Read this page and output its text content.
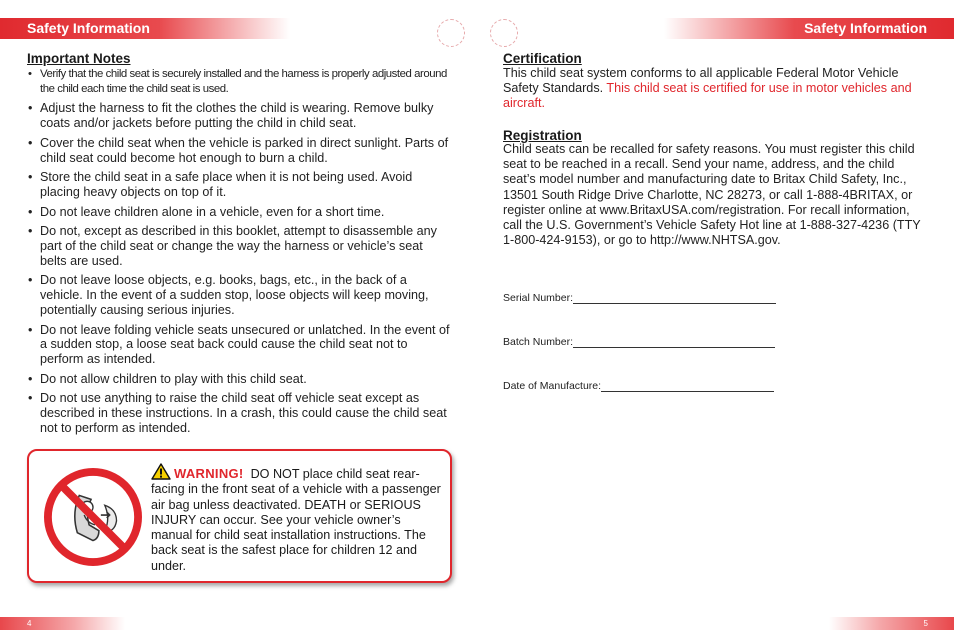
Safety Information	Safety Information
Important Notes
• Verify that the child seat is securely installed and the harness is properly adjusted around the child each time the child seat is used.
• Adjust the harness to fit the clothes the child is wearing. Remove bulky coats and/or jackets before putting the child in child seat.
• Cover the child seat when the vehicle is parked in direct sunlight. Parts of child seat could become hot enough to burn a child.
• Store the child seat in a safe place when it is not being used. Avoid placing heavy objects on top of it.
• Do not leave children alone in a vehicle, even for a short time.
• Do not, except as described in this booklet, attempt to disassemble any part of the child seat or change the way the harness or vehicle’s seat belts are used.
• Do not leave loose objects, e.g. books, bags, etc., in the back of a vehicle. In the event of a sudden stop, loose objects will keep moving, potentially causing serious injuries.
• Do not leave folding vehicle seats unsecured or unlatched. In the event of a sudden stop, a loose seat back could cause the child seat not to perform as intended.
• Do not allow children to play with this child seat.
• Do not use anything to raise the child seat off vehicle seat except as described in these instructions. In a crash, this could cause the child seat not to perform as intended.
WARNING! DO NOT place child seat rear-facing in the front seat of a vehicle with a passenger air bag unless deactivated. DEATH or SERIOUS INJURY can occur. See your vehicle owner’s manual for child seat installation instructions. The back seat is the safest place for children 12 and under.
Certification

This child seat system conforms to all applicable Federal Motor Vehicle Safety Standards. This child seat is certified for use in motor vehicles and aircraft.

Registration

Child seats can be recalled for safety reasons. You must register this child seat to be reached in a recall. Send your name, address, and the child seat’s model number and manufacturing date to Britax Child Safety, Inc., 13501 South Ridge Drive Charlotte, NC 28273, or call 1-888-4BRITAX, or register online at www.BritaxUSA.com/registration. For recall information, call the U.S. Government’s Vehicle Safety Hot line at 1-888-327-4236 (TTY 1-800-424-9153), or go to http://www.NHTSA.gov.

Serial Number:
Batch Number:
Date of Manufacture:
4	5
